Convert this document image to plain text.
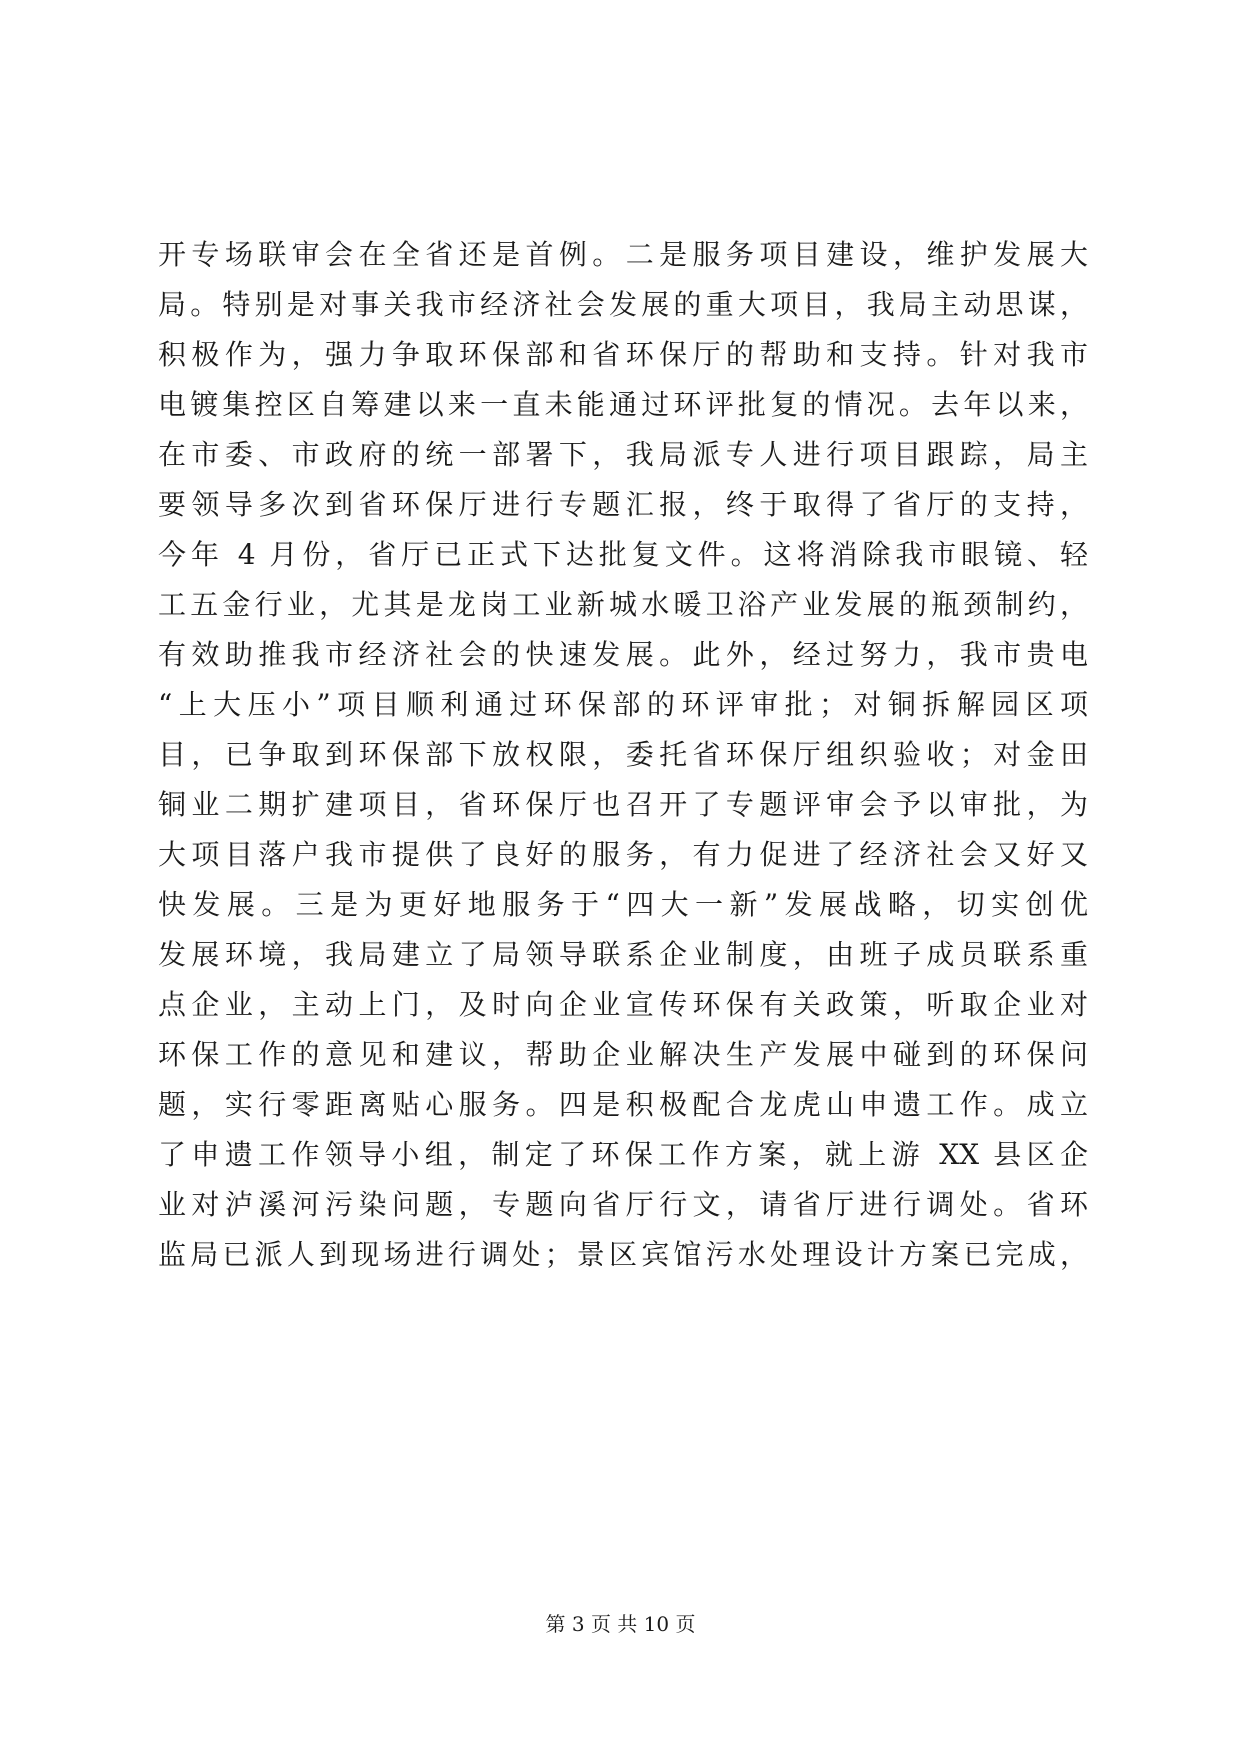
开专场联审会在全省还是首例。二是服务项目建设，维护发展大
局。特别是对事关我市经济社会发展的重大项目，我局主动思谋，
积极作为，强力争取环保部和省环保厅的帮助和支持。针对我市
电镀集控区自筹建以来一直未能通过环评批复的情况。去年以来，
在市委、市政府的统一部署下，我局派专人进行项目跟踪，局主
要领导多次到省环保厅进行专题汇报，终于取得了省厅的支持，
今年 4 月份，省厅已正式下达批复文件。这将消除我市眼镜、轻
工五金行业，尤其是龙岗工业新城水暖卫浴产业发展的瓶颈制约，
有效助推我市经济社会的快速发展。此外，经过努力，我市贵电
“上大压小”项目顺利通过环保部的环评审批；对铜拆解园区项
目，已争取到环保部下放权限，委托省环保厅组织验收；对金田
铜业二期扩建项目，省环保厅也召开了专题评审会予以审批，为
大项目落户我市提供了良好的服务，有力促进了经济社会又好又
快发展。三是为更好地服务于“四大一新”发展战略，切实创优
发展环境，我局建立了局领导联系企业制度，由班子成员联系重
点企业，主动上门，及时向企业宣传环保有关政策，听取企业对
环保工作的意见和建议，帮助企业解决生产发展中碰到的环保问
题，实行零距离贴心服务。四是积极配合龙虎山申遗工作。成立
了申遗工作领导小组，制定了环保工作方案，就上游 XX 县区企
业对泸溪河污染问题，专题向省厅行文，请省厅进行调处。省环
监局已派人到现场进行调处；景区宾馆污水处理设计方案已完成，
第 3 页 共 10 页
